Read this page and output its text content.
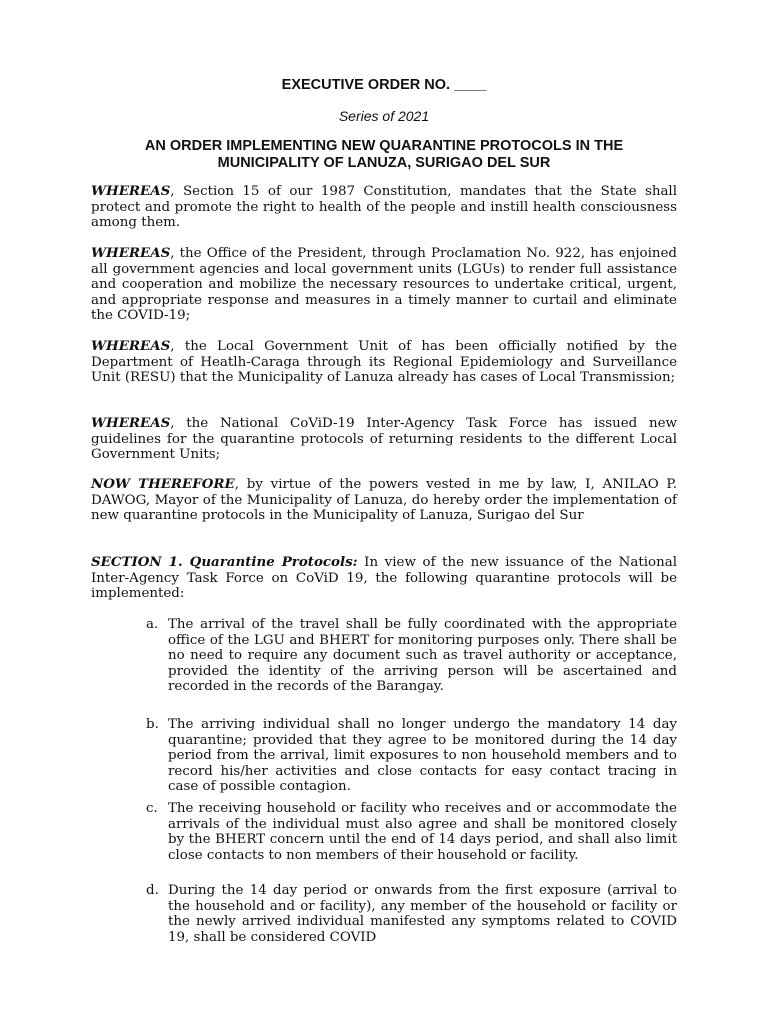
EXECUTIVE ORDER NO. ____
Series of 2021
AN ORDER IMPLEMENTING NEW QUARANTINE PROTOCOLS IN THE
MUNICIPALITY OF LANUZA, SURIGAO DEL SUR
WHEREAS, Section 15 of our 1987 Constitution, mandates that the State shall protect and promote the right to health of the people and instill health consciousness among them.
WHEREAS, the Office of the President, through Proclamation No. 922, has enjoined all government agencies and local government units (LGUs) to render full assistance and cooperation and mobilize the necessary resources to undertake critical, urgent, and appropriate response and measures in a timely manner to curtail and eliminate the COVID-19;
WHEREAS, the Local Government Unit of has been officially notified by the Department of Heatlh-Caraga through its Regional Epidemiology and Surveillance Unit (RESU) that the Municipality of Lanuza already has cases of Local Transmission;
WHEREAS, the National CoViD-19 Inter-Agency Task Force has issued new guidelines for the quarantine protocols of returning residents to the different Local Government Units;
NOW THEREFORE, by virtue of the powers vested in me by law, I, ANILAO P. DAWOG, Mayor of the Municipality of Lanuza, do hereby order the implementation of new quarantine protocols in the Municipality of Lanuza, Surigao del Sur
SECTION 1. Quarantine Protocols: In view of the new issuance of the National Inter-Agency Task Force on CoViD 19, the following quarantine protocols will be implemented:
a. The arrival of the travel shall be fully coordinated with the appropriate office of the LGU and BHERT for monitoring purposes only. There shall be no need to require any document such as travel authority or acceptance, provided the identity of the arriving person will be ascertained and recorded in the records of the Barangay.
b. The arriving individual shall no longer undergo the mandatory 14 day quarantine; provided that they agree to be monitored during the 14 day period from the arrival, limit exposures to non household members and to record his/her activities and close contacts for easy contact tracing in case of possible contagion.
c. The receiving household or facility who receives and or accommodate the arrivals of the individual must also agree and shall be monitored closely by the BHERT concern until the end of 14 days period, and shall also limit close contacts to non members of their household or facility.
d. During the 14 day period or onwards from the first exposure (arrival to the household and or facility), any member of the household or facility or the newly arrived individual manifested any symptoms related to COVID 19, shall be considered COVID
